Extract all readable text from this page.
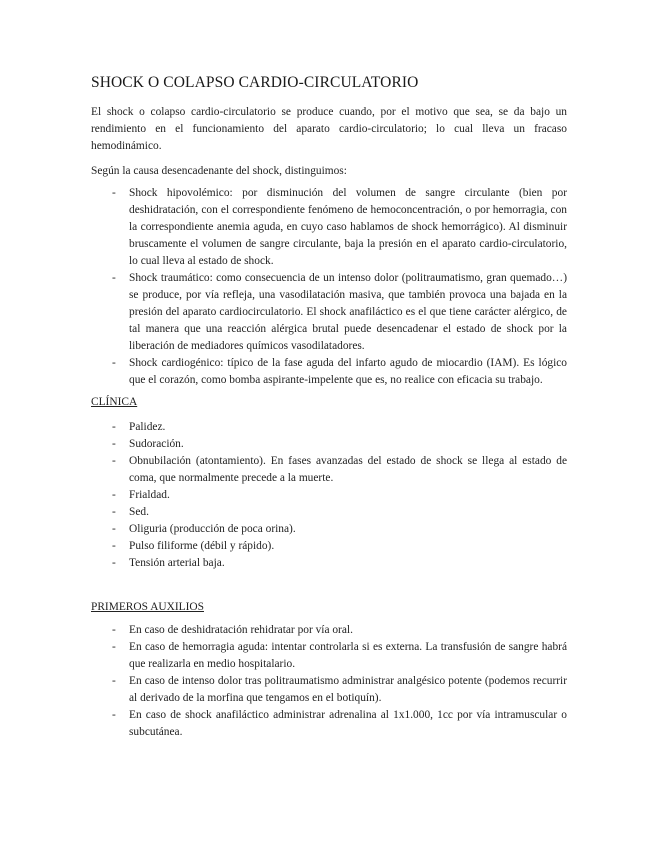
SHOCK O COLAPSO CARDIO-CIRCULATORIO

El shock o colapso cardio-circulatorio se produce cuando, por el motivo que sea, se da bajo un rendimiento en el funcionamiento del aparato cardio-circulatorio; lo cual lleva un fracaso hemodinámico.

Según la causa desencadenante del shock, distinguimos:

- Shock hipovolémico: por disminución del volumen de sangre circulante (bien por deshidratación, con el correspondiente fenómeno de hemoconcentración, o por hemorragia, con la correspondiente anemia aguda, en cuyo caso hablamos de shock hemorrágico). Al disminuir bruscamente el volumen de sangre circulante, baja la presión en el aparato cardio-circulatorio, lo cual lleva al estado de shock.
- Shock traumático: como consecuencia de un intenso dolor (politraumatismo, gran quemado…) se produce, por vía refleja, una vasodilatación masiva, que también provoca una bajada en la presión del aparato cardiocirculatorio. El shock anafiláctico es el que tiene carácter alérgico, de tal manera que una reacción alérgica brutal puede desencadenar el estado de shock por la liberación de mediadores químicos vasodilatadores.
- Shock cardiogénico: típico de la fase aguda del infarto agudo de miocardio (IAM). Es lógico que el corazón, como bomba aspirante-impelente que es, no realice con eficacia su trabajo.
CLÍNICA
- Palidez.
- Sudoración.
- Obnubilación (atontamiento). En fases avanzadas del estado de shock se llega al estado de coma, que normalmente precede a la muerte.
- Frialdad.
- Sed.
- Oliguria (producción de poca orina).
- Pulso filiforme (débil y rápido).
- Tensión arterial baja.
PRIMEROS AUXILIOS
- En caso de deshidratación rehidratar por vía oral.
- En caso de hemorragia aguda: intentar controlarla si es externa. La transfusión de sangre habrá que realizarla en medio hospitalario.
- En caso de intenso dolor tras politraumatismo administrar analgésico potente (podemos recurrir al derivado de la morfina que tengamos en el botiquín).
- En caso de shock anafiláctico administrar adrenalina al 1x1.000, 1cc por vía intramuscular o subcutánea.
